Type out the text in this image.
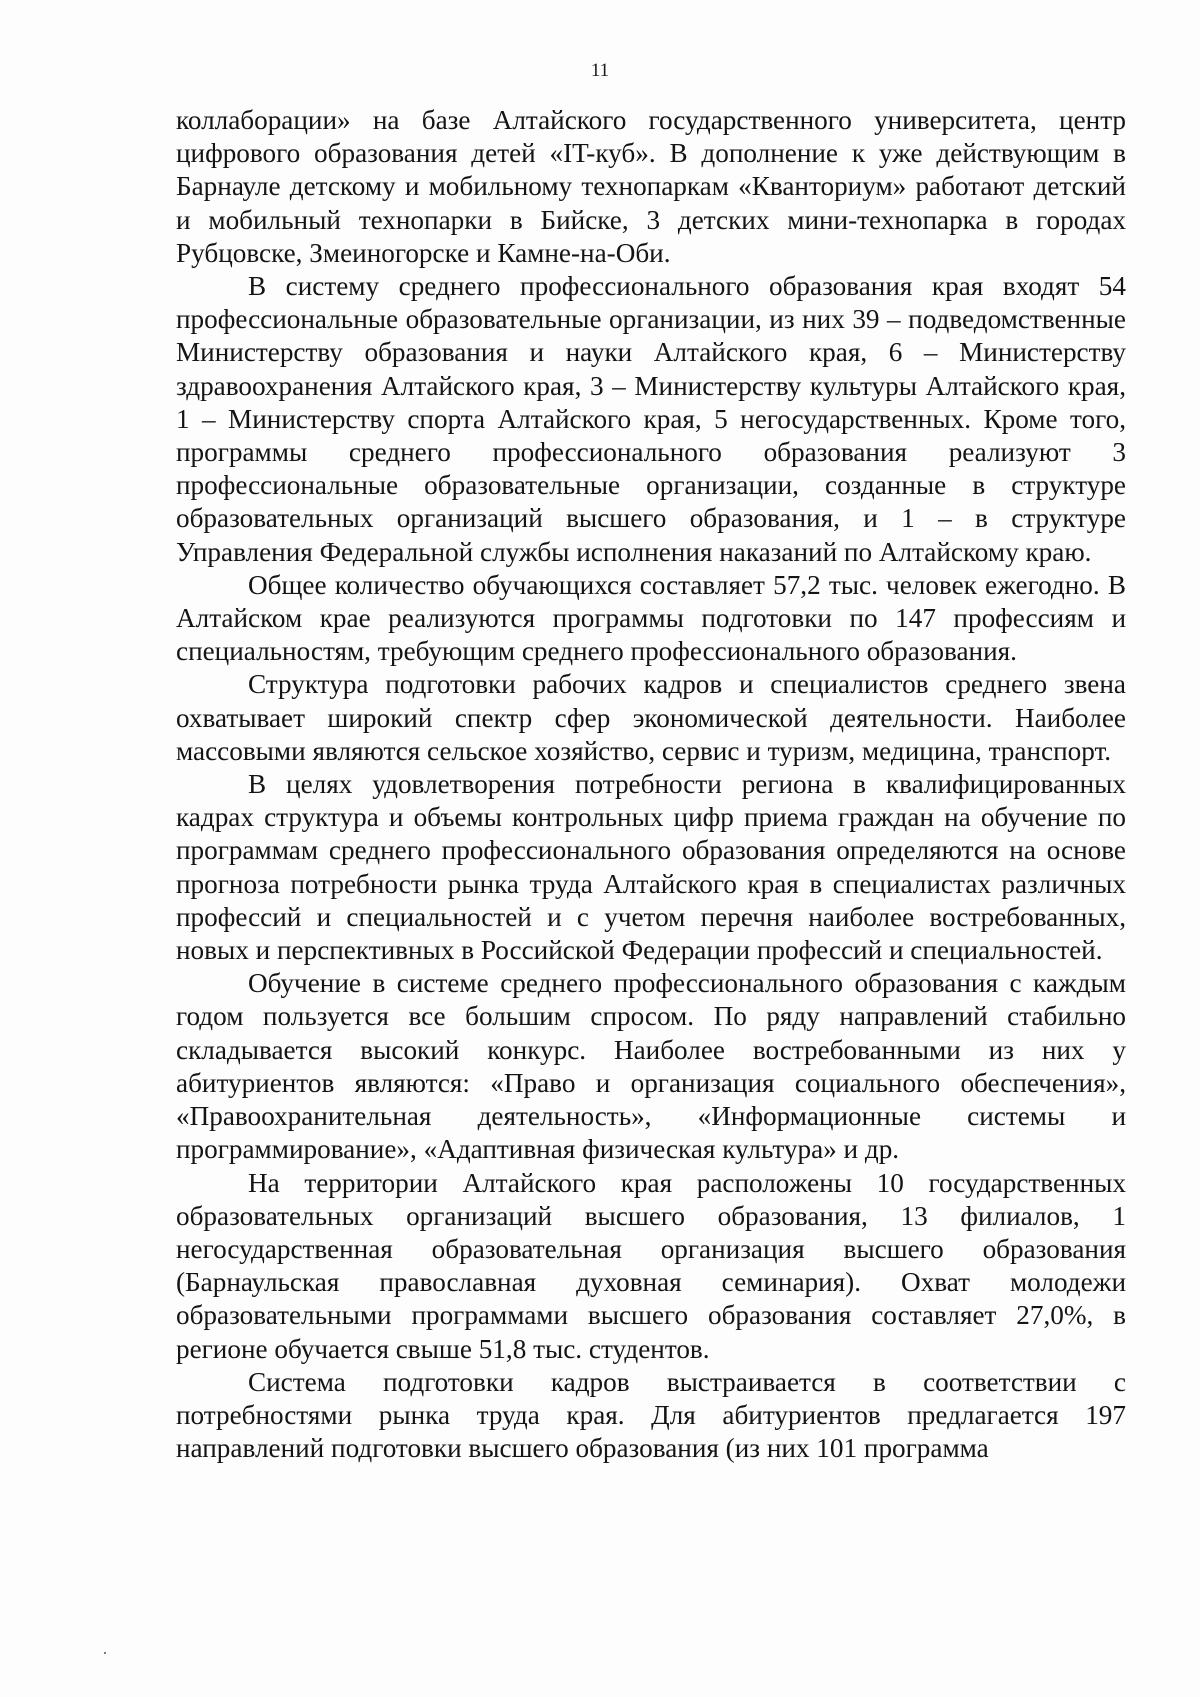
11

коллаборации» на базе Алтайского государственного университета, центр цифрового образования детей «IT-куб». В дополнение к уже действующим в Барнауле детскому и мобильному технопаркам «Кванториум» работают детский и мобильный технопарки в Бийске, 3 детских мини-технопарка в городах Рубцовске, Змеиногорске и Камне-на-Оби.

В систему среднего профессионального образования края входят 54 профессиональные образовательные организации, из них 39 – подведомственные Министерству образования и науки Алтайского края, 6 – Министерству здравоохранения Алтайского края, 3 – Министерству культуры Алтайского края, 1 – Министерству спорта Алтайского края, 5 негосударственных. Кроме того, программы среднего профессионального образования реализуют 3 профессиональные образовательные организации, созданные в структуре образовательных организаций высшего образования, и 1 – в структуре Управления Федеральной службы исполнения наказаний по Алтайскому краю.

Общее количество обучающихся составляет 57,2 тыс. человек ежегодно. В Алтайском крае реализуются программы подготовки по 147 профессиям и специальностям, требующим среднего профессионального образования.

Структура подготовки рабочих кадров и специалистов среднего звена охватывает широкий спектр сфер экономической деятельности. Наиболее массовыми являются сельское хозяйство, сервис и туризм, медицина, транспорт.

В целях удовлетворения потребности региона в квалифицированных кадрах структура и объемы контрольных цифр приема граждан на обучение по программам среднего профессионального образования определяются на основе прогноза потребности рынка труда Алтайского края в специалистах различных профессий и специальностей и с учетом перечня наиболее востребованных, новых и перспективных в Российской Федерации профессий и специальностей.

Обучение в системе среднего профессионального образования с каждым годом пользуется все большим спросом. По ряду направлений стабильно складывается высокий конкурс. Наиболее востребованными из них у абитуриентов являются: «Право и организация социального обеспечения», «Правоохранительная деятельность», «Информационные системы и программирование», «Адаптивная физическая культура» и др.

На территории Алтайского края расположены 10 государственных образовательных организаций высшего образования, 13 филиалов, 1 негосударственная образовательная организация высшего образования (Барнаульская православная духовная семинария). Охват молодежи образовательными программами высшего образования составляет 27,0%, в регионе обучается свыше 51,8 тыс. студентов.

Система подготовки кадров выстраивается в соответствии с потребностями рынка труда края. Для абитуриентов предлагается 197 направлений подготовки высшего образования (из них 101 программа
